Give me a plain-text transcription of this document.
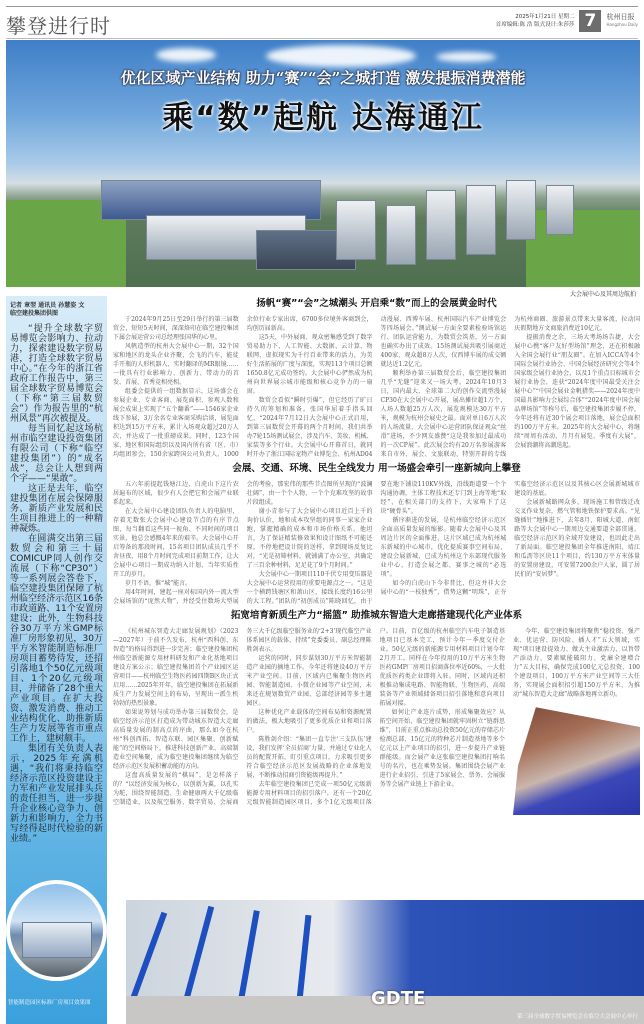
攀登进行时	2025年1月21日 星期二
首席编辑:陈 浩 版式设计:朱莎莎 7	杭州日报
Hangzhou Daily
优化区域产业结构 助力“赛”“会”之城打造 激发提振消费潜能
乘“数”起航 达海通江
大会展中心及其周边航拍
记者 章翌 通讯员 孙慧姿 文
临空建投集团供图

“提升全球数字贸易博览会影响力、拉动力，探索建设数字贸易港，打造全球数字贸易中心。”在今年的浙江省政府工作报告中，第三届全球数字贸易博览会（下称“第三届数贸会”）作为报告里的“杭州风景”再次被提及。

每当回忆起这场杭州市临空建设投资集团有限公司（下称“临空建投集团”）的“成名战”，总会让人想到两个字——“果敢”。

这正是去年，临空建投集团在展会保障服务、新质产业发展和民生项目推进上的一种精神凝炼。

在圆满交出第三届数贸会和第三十届COMICUP同人创作交流展（下称“CP30”）等一系列展会答卷下，临空建投集团保障了杭州临空经济示范区16条市政道路、11个安置房建设；此外，生物科技谷30万平方米GMP标准厂房形象初见，30万平方米智能制造标准厂房项目蓄势待发，还招引落地1个50亿元级项目、1个20亿元级项目，并储备了28个重大产业项目。在扩大投资、激发消费、推动工业结构优化、助推新质生产力发展等省市重点工作上，建树颇丰。

集团有关负责人表示，2025年充满机遇，“我们将秉持临空经济示范区投资建设主力军和产业发展排头兵的责任担当，进一步提升企业核心竞争力、创新力和影响力，全力书写经得起时代检验的新业绩。”

扬帆“赛”“会”之城潮头 开启乘“数”而上的会展黄金时代

于2024年9月25日至29日举行的第三届数贸会，短短5天时间，深深烙印在临空建投集团下属会展运营公司总经理张国华的心里。

风帆造型的杭州大会展中心一期，32个国家和地区的龙头企业齐聚，会飞的汽车、能徒手开瓶的人形机器人、实时翻译的MR眼镜……一批具有行业影响力、创新力、带动力的首发、首展、首秀竞相亮相。

组委会提供的一组数据显示，这场盛会在参展企业、专业客商、展览面积、参观人数和展会成果上实现了“五个翻番”——1546家企业线下参展，3万余名专业客商采购洽谈，展览面积达到15万平方米，累计入场观众超过20万人次，并达成了一批重磅成果。同时，123个国家、地区和国际组织以及国内所有省（区、市）均组团参会，150余家跨国公司负责人、1000余位行业专家出席，6700多位境外客商到会，均创历届新高。

这5天，中外展商、观众密集感受到了数字贸易助力下，人工智能、大数据、云计算、物联网、虚拟现实为千行百业带来的活力，为美好生活拓展的广度与深度，实现113个项目总额1650.8亿元成功签约。大会展中心俨然成为杭州向世界展示城市能级和核心竞争力的一扇窗。

数贸会看似“瞬时引爆”，但它经历了旷日持久的筹划和准备。张国华屈着手指头回忆，“2024年7月12日大会展中心正式启用，到第三届数贸会开幕的两个月时间，我们共举办7轮15场测试展会，涉及汽车、美妆、机械、家装等多个行业。大会展中心开幕首日，就同时开办了浙江国际宠物产业博览会、杭州AD04动漫展、西博车展、杭州国际汽车产业博览会等四场展会。”测试展一方面全要素检验场馆运行、团队运营能力，为数贸会筑基，另一方面也确实办出了成效。15场测试展共吸引展商近400家、观众超8万人次，仅西博车展的成交额就达近1.2亿元。

顺利举办第三届数贸会后，临空建投集团几乎“无缝”迎来又一场大考。2024年10月3日，国内最大、全球第二大的创作交流型漫展CP30在大会展中心开展，展出摊位超1万个，人场人数超25万人次，展览规模达30万平方米，规模为杭州会展史之最。面对单日6万人次的人场流量，大会展中心运营团队保证观众“丝滑”进场，不少网友盛赞“这是我参加过最成功的一次CP展”。此次展会约有20万名参展游客来自市外，展会、文旅联动，特别开辟的专线为杭州商圈、旅游景点带来大量客流，拉动国庆假期地方文商旅消费近10亿元。

提振消费之余，三场大考场场告捷，大会展中心携“客户友好型场馆”理念，还在积极融入全国会展行业“朋友圈”。在加入ICCA等4个国际会展行业协会、中国会展经济研究会等4个国家级会展行业协会，以及1个重点目标城市会展行业协会，连获“2024年度中国最受关注会展中心”“中国会展业金帆猎奖——2024年度中国最具影响力会展综合体”“2024年度中国会展品牌场馆”等称号后，临空建投集团步履不停，今年还将有近30个展会项目落地，展会总面积约100万平方米。2025年的大会展中心，将继续“周周有活动、月月有展览、季度有大展”，会展浪潮将高潮迭起。

会展、交通、环境、民生全线发力 用一场盛会牵引一座新城向上攀登

五六年前提起钱塘江边、白虎山下这片农居遍布的区域，很少有人会把它和会展产业联系起来。

在大会展中心建设团队负责人的电脑里，存着无数张大会展中心建设节点的有序节点图，每当翻看这些同一视角、不同时间的项目实景，他总会感慨4年来的艰辛。大会展中心开启筹备的那段时间，15名项目团队成员几乎不舍昼夜，用8个月时间完成项目前期工作，让大会展中心项目一期成功纳入计划，当年实质性开工的岁月。

岁月不语，惟“城”能言。

用4年时间，建起一座对标国内外一流大型会展场馆的“庞然大物”，并经受住数场大型展会的考验，那宏伟的那些节点图所呈现的“波澜壮阔”，由一个个人物、一个个克难攻坚的故事片段组成。

谢小青参与了大会展中心项目近百上千的询价认价，地和成本攻坚组的同事一家家企业跑，掌握精确的成本和市场价格关系。他坦言，为了保证精装修效果和设计图纸不可能还原，不停地把设计院的送样，拿到现场反复比对，“光是初筛材料，就铺满了办公室，共确定了三百余种材料，足足花了9个月时间。”

大会展中心一期项目110千伏专用变压器是大会展中心运营投用的重要电源点之一。“这是一个横跨钱塘区和萧山区，接线长度约16公里的大工程。”团队的“初创成员”陈晓回忆，由于要在地下铺设110KV外线，沿线距道要一个个沟通协调，主体工程技术还专门到上海等地“取经”，在相关部门的支持下，大家啃下了这块“硬骨头”。

循序渐进的发展，是杭州临空经济示范区全面高质量发展的缩影。随着大会展中心及其周边片区的全面推进，这片区域已成为杭州城东新城的中心城市，优化提质赛事空间布局，建设会展新城，已成为杭州这个东部现代服务业中心、打造会展之都、赛事之城的“必选项”。

如今的白虎山下今非昔比，但这并非大会展中心的“一枝独秀”，借势这颗“明珠”，正夯实临空经济示范区以及其核心区会展新城城市建设的基底。

会展新城路网众多，现场施工和管线迁改交叉作业复杂，燃气管和地铁保护要求高。“见缝插针”地推进下，去年8月，阳城大道、南虹路等大会展中心一期周边交通要道全部贯通。临空经济示范区的全域开发建设，也因此走出了新局面。临空建投集团全年推进南阳、靖江和瓜沥等区块11个项目，约130万平方米体量的安置房建设，可安置7200余户人家，圆了居民们的“安居梦”。

拓宽培育新质生产力“摇篮” 助推城东智造大走廊搭建现代化产业体系

《杭州城东智造大走廊发展规划》（2023—2027年）于前不久发布，杭州“西科创、东智造”的格局得到进一步完善；临空建投集团杭州临空新能源专用材料研发和产业化基地项目建设方案公示；临空建投集团首个产业园区运营项目——杭州临空生物医药园四期B区块正式启用……2025年开年，临空建投集团在拓展新质生产力发展空间上的布局，呈现出一派生机勃勃的热烈景象。

如果说筹划与成功举办第三届数贸会，是临空经济示范区打造成为带动城东智造大走廊高质量发展的制高点的序曲，那么如今在杭州“科创西拓、智造东联、园区集聚、创新赋能”的空间格局下，推进科技创新产业、高端制造业空间集聚，成为临空建投集团继续为临空经济示范区发展积蓄动能的方向。

这盘高质量发展的“棋局”，是怎样落子的？“以经济发展为核心，以创新为翼，以孔实为舵，围绕智能制造、生命健康两大千亿级临空制造业，以及航空服务、数字贸易、会展商务三大千亿级临空服务业的‘2+3’现代临空产业体系园区的载体，持续”党委委员、副总经理陈胜剑表示。

运营的同时，同步谋划30万平方米智能制造产业园的摘地工作。今年还将建设40万平方米产业空间。目前，区域内已集聚生物医药园、智能制造园、小微企业园等产业空间，未来还在规划数贸产业园、总部经济园等多主题园区。

这种优化产业载体的空间布局和资源配置的做法，极大地吸引了更多优质企业和项目落户。

陈胜剑介绍：“集团一直专注‘三支队伍’建设，我们发挥‘全员招商’力量，并通过专业化人员的配置开拓，盯引重点项目，力求吸引更多符合临空经济示范区发展战略的企业落地发展，不断推动招商引资能级再提升。”

去年临空建投集团已完成一项50亿元级新能源专用材料项目的招引落户，还有一个20亿元级智能制造园区项目，多个1亿元级项目落户。目前，百亿级的杭州临空汽车电子制造基地项目已基本完工，预计今年一季度交付企业。50亿元级的新能源专用材料项目计划今年2月开工。同样在今年投用的10万平方米生物医药GMP厂房项目招商落位率近60%，一大批优质医药类企业即将入驻。同时，区域内还积极推动集成电路、智能物联、生物医药、高端装备等产业领域储备项目招引落地和意向项目拓展对接。

如何让产业连片成势，形成集聚效应？从拓空间开始，临空建投集团就牢固树立“链群思维”，目前正重点推动总投资50亿元的存储芯片检测总部、15亿元的特种芯片制造基地等多个亿元以上产业项目的招引，进一步提升产业链群能级。而会展产业这张临空建投集团打响名号的名片，也在乘势发展。集团围绕会展产业进行企业招引，引进了5家展会、票务、会展服务等会展产业链上下游企业。

今年，临空建投集团将聚焦“稳投资、强产业、优运营、防风险、插人才”五大领域，实现“项目建设提效力、做大主业激活力、以旨带产添动力、要素赋能破阻力、党廉全建增合力”五大目标，确保完成100亿元总投资、100个建设项目、100万平方米产业空间等三大任务，实现展会面积招引超150万平方米，为推动“城东智造大走廊”战略落地再立新功。

GDTE
第三届全球数字贸易博览会在临空大会展中心举行
智能制造园区标准厂房项目效果图
